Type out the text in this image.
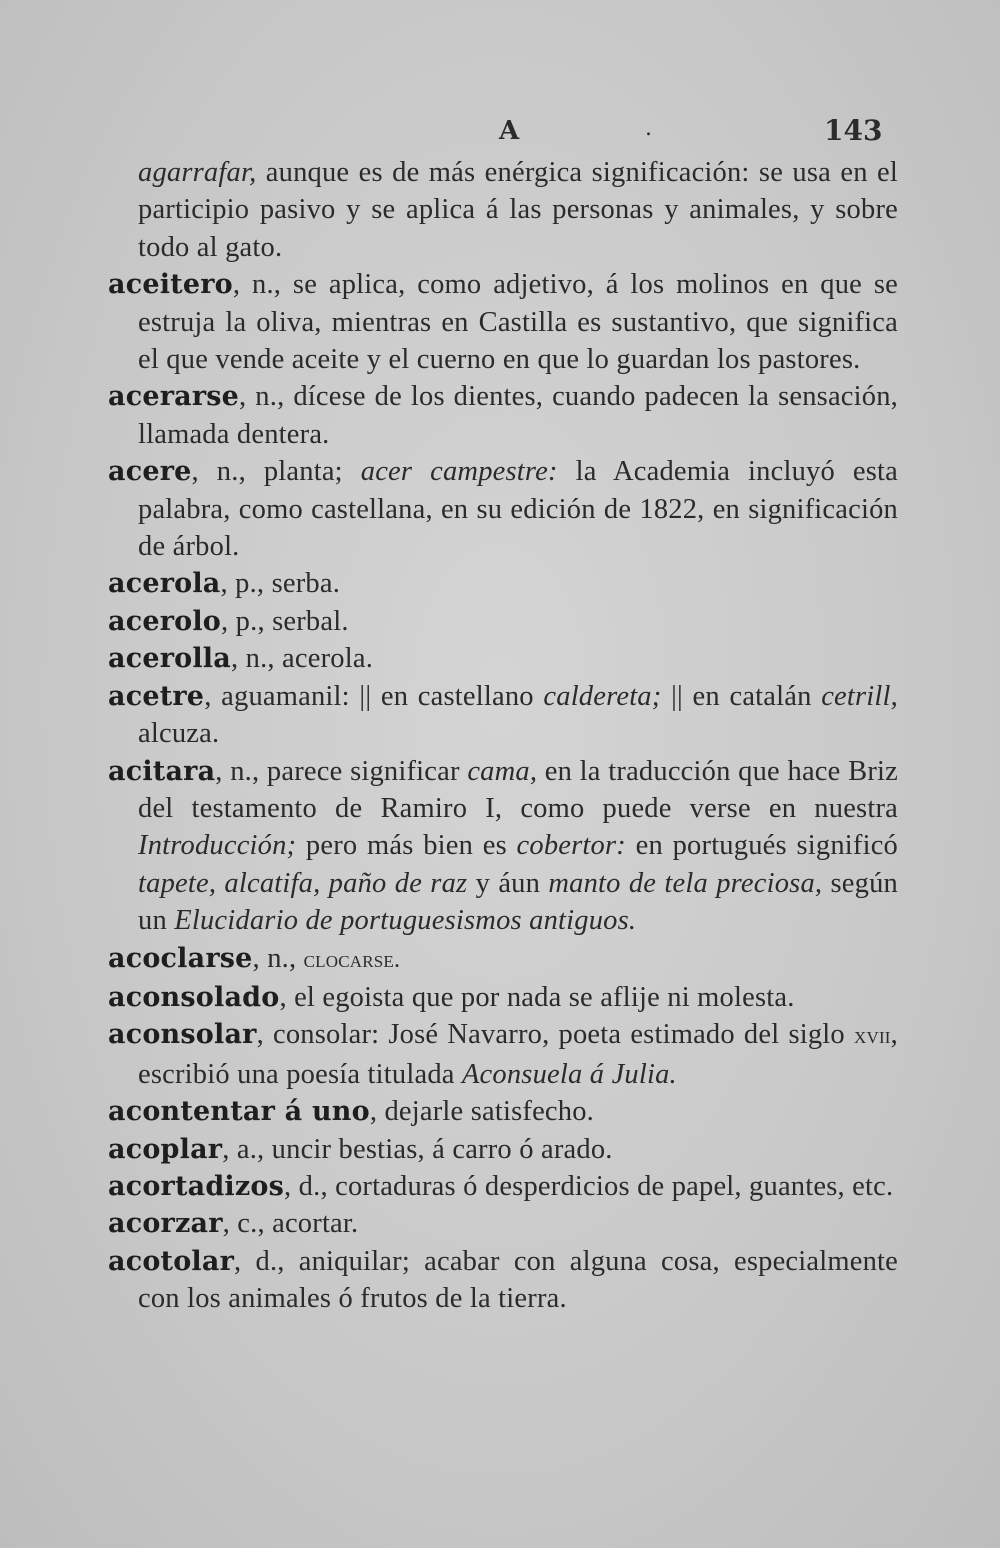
A	.	143

agarrafar, aunque es de más enérgica significación: se usa en el participio pasivo y se aplica á las personas y animales, y sobre todo al gato.

aceitero, n., se aplica, como adjetivo, á los molinos en que se estruja la oliva, mientras en Castilla es sustantivo, que significa el que vende aceite y el cuerno en que lo guardan los pastores.

acerarse, n., dícese de los dientes, cuando padecen la sensación, llamada dentera.

acere, n., planta; acer campestre: la Academia incluyó esta palabra, como castellana, en su edición de 1822, en significación de árbol.

acerola, p., serba.

acerolo, p., serbal.

acerolla, n., acerola.

acetre, aguamanil: || en castellano caldereta; || en catalán cetrill, alcuza.

acitara, n., parece significar cama, en la traducción que hace Briz del testamento de Ramiro I, como puede verse en nuestra Introducción; pero más bien es cobertor: en portugués significó tapete, alcatifa, paño de raz y áun manto de tela preciosa, según un Elucidario de portuguesismos antiguos.

acoclarse, n., clocarse.

aconsolado, el egoista que por nada se aflije ni molesta.

aconsolar, consolar: José Navarro, poeta estimado del siglo xvii, escribió una poesía titulada Aconsuela á Julia.

acontentar á uno, dejarle satisfecho.

acoplar, a., uncir bestias, á carro ó arado.

acortadizos, d., cortaduras ó desperdicios de papel, guantes, etc.

acorzar, c., acortar.

acotolar, d., aniquilar; acabar con alguna cosa, especialmente con los animales ó frutos de la tierra.
